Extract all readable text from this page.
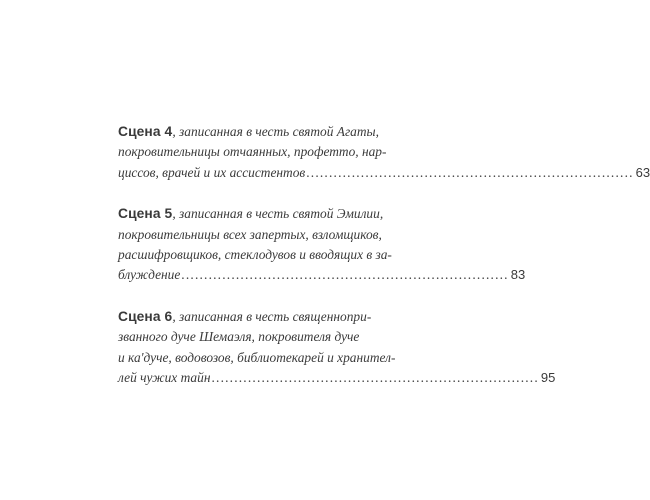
Сцена 4, записанная в честь святой Агаты,
покровительницы отчаянных, профетто, нар-
циссов, врачей и их ассистентов ........................................................................ 63
Сцена 5, записанная в честь святой Эмилии,
покровительницы всех запертых, взломщиков,
расшифровщиков, стеклодувов и вводящих в за-
блуждение ........................................................................ 83
Сцена 6, записанная в честь священнопри-
званного дуче Шемаэля, покровителя дуче
и ка'дуче, водовозов, библиотекарей и хранител-
лей чужих тайн ........................................................................ 95
